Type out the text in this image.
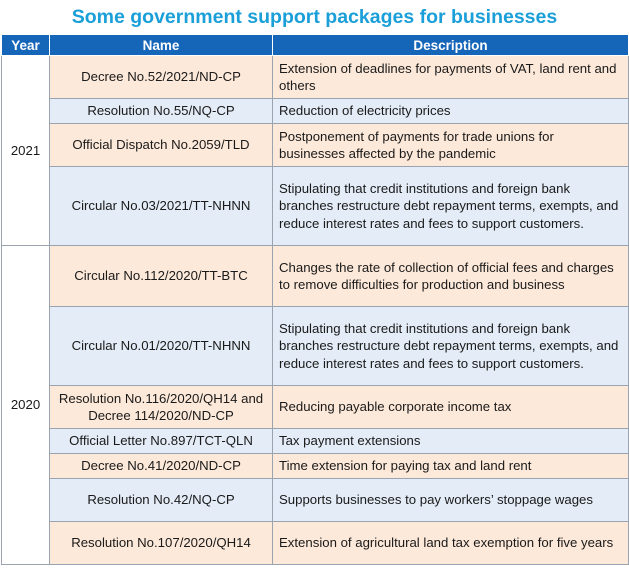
Some government support packages for businesses
Year	Name	Description
2021	Decree No.52/2021/ND-CP	Extension of deadlines for payments of VAT, land rent and others
	Resolution No.55/NQ-CP	Reduction of electricity prices
	Official Dispatch No.2059/TLD	Postponement of payments for trade unions for businesses affected by the pandemic
	Circular No.03/2021/TT-NHNN	Stipulating that credit institutions and foreign bank branches restructure debt repayment terms, exempts, and reduce interest rates and fees to support customers.
2020	Circular No.112/2020/TT-BTC	Changes the rate of collection of official fees and charges to remove difficulties for production and business
	Circular No.01/2020/TT-NHNN	Stipulating that credit institutions and foreign bank branches restructure debt repayment terms, exempts, and reduce interest rates and fees to support customers.
	Resolution No.116/2020/QH14 and Decree 114/2020/ND-CP	Reducing payable corporate income tax
	Official Letter No.897/TCT-QLN	Tax payment extensions
	Decree No.41/2020/ND-CP	Time extension for paying tax and land rent
	Resolution No.42/NQ-CP	Supports businesses to pay workers’ stoppage wages
	Resolution No.107/2020/QH14	Extension of agricultural land tax exemption for five years
